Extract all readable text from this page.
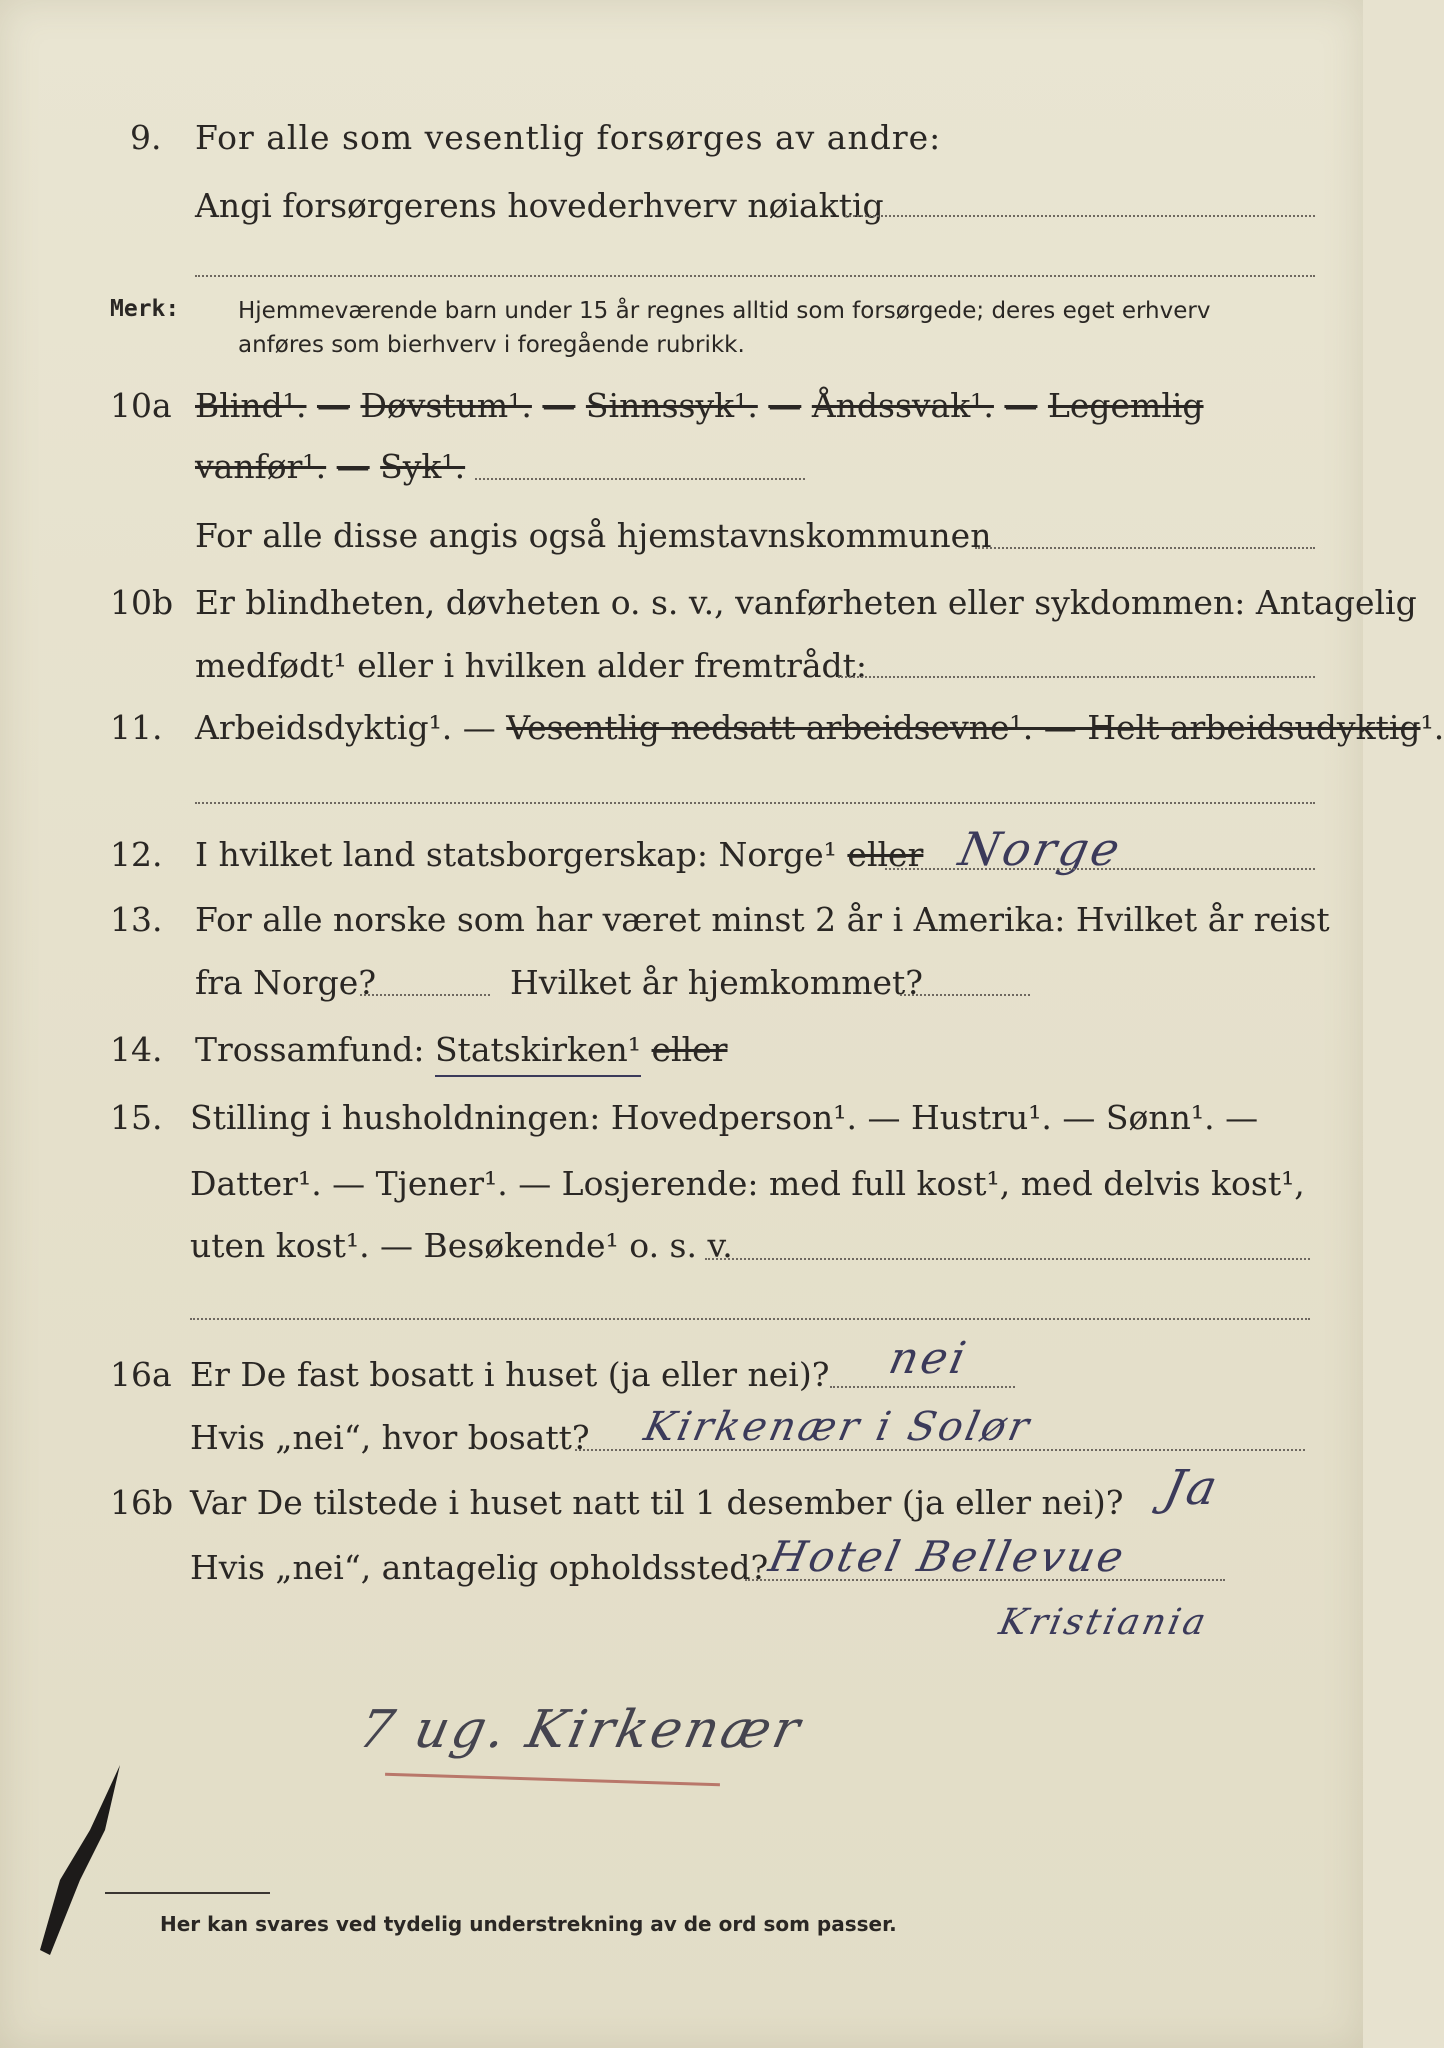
9. For alle som vesentlig forsørges av andre:
Angi forsørgerens hovederhverv nøiaktig
Merk:	Hjemmeværende barn under 15 år regnes alltid som forsørgede; deres eget erhverv
anføres som bierhverv i foregående rubrikk.
10a Blind¹. — Døvstum¹. — Sinnssyk¹. — Åndssvak¹. — Legemlig
vanfør¹. — Syk¹.
For alle disse angis også hjemstavnskommunen
10b Er blindheten, døvheten o. s. v., vanførheten eller sykdommen: Antagelig
medfødt¹ eller i hvilken alder fremtrådt:
11. Arbeidsdyktig¹. — Vesentlig nedsatt arbeidsevne¹. — Helt arbeidsudyktig¹.
12. I hvilket land statsborgerskap: Norge¹ eller Norge
13. For alle norske som har været minst 2 år i Amerika: Hvilket år reist
fra Norge?	Hvilket år hjemkommet?
14. Trossamfund: Statskirken¹ eller
15. Stilling i husholdningen: Hovedperson¹. — Hustru¹. — Sønn¹. —
Datter¹. — Tjener¹. — Losjerende: med full kost¹, med delvis kost¹,
uten kost¹. — Besøkende¹ o. s. v.
16a Er De fast bosatt i huset (ja eller nei)? nei
Hvis „nei“, hvor bosatt? Kirkenær i Solør
16b Var De tilstede i huset natt til 1 desember (ja eller nei)? Ja
Hvis „nei“, antagelig opholdssted?
Hotel Bellevue
Kristiania
7 ug. Kirkenær
Her kan svares ved tydelig understrekning av de ord som passer.
